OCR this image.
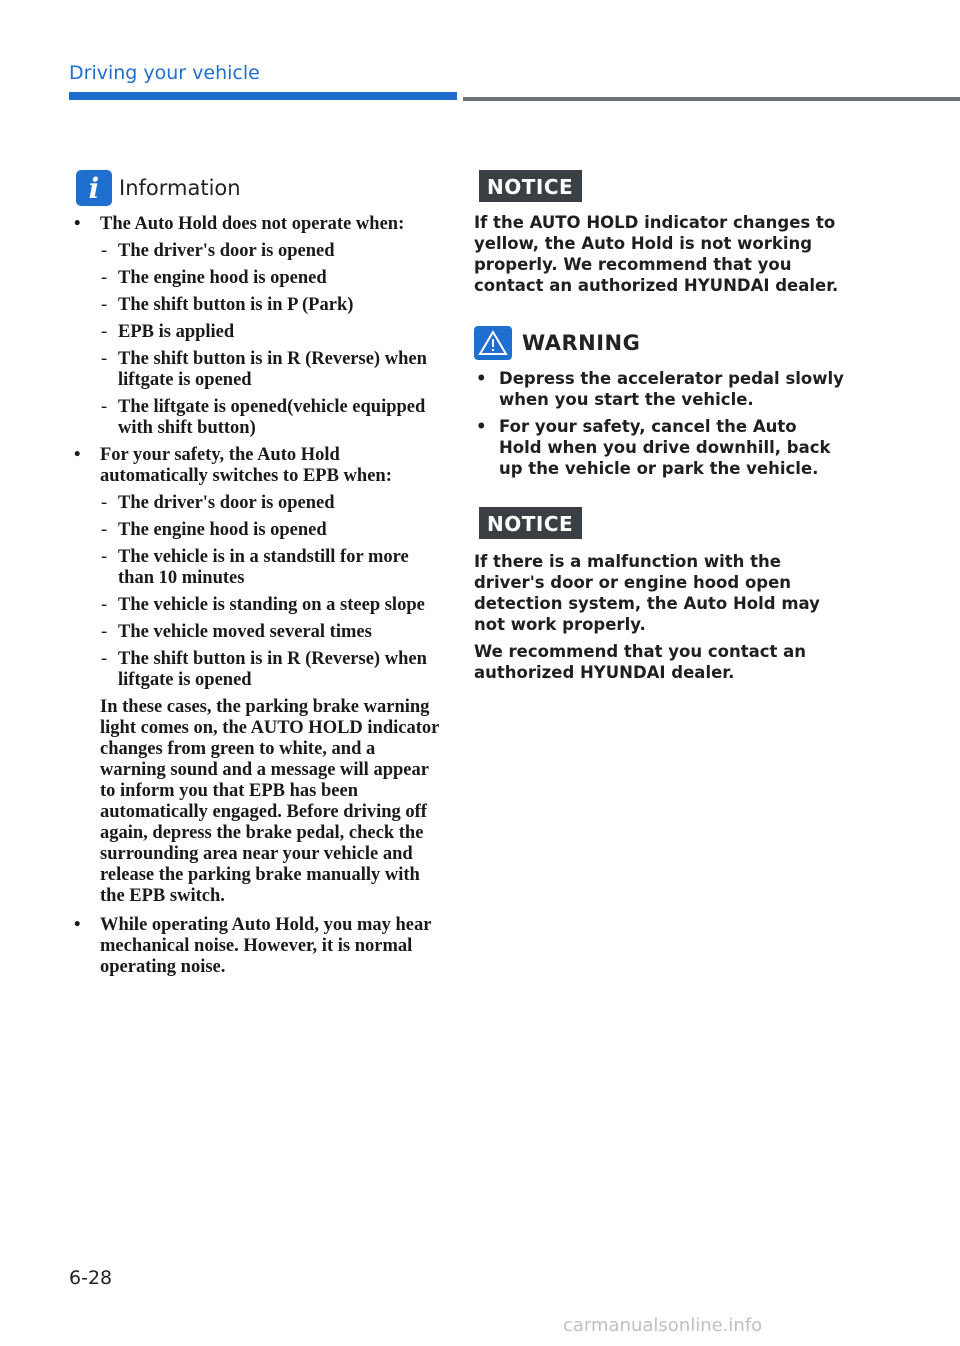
Driving your vehicle
i Information
• The Auto Hold does not operate when:
- The driver's door is opened
- The engine hood is opened
- The shift button is in P (Park)
- EPB is applied
- The shift button is in R (Reverse) when liftgate is opened
- The liftgate is opened(vehicle equipped with shift button)
• For your safety, the Auto Hold automatically switches to EPB when:
- The driver's door is opened
- The engine hood is opened
- The vehicle is in a standstill for more than 10 minutes
- The vehicle is standing on a steep slope
- The vehicle moved several times
- The shift button is in R (Reverse) when liftgate is opened
In these cases, the parking brake warning light comes on, the AUTO HOLD indicator changes from green to white, and a warning sound and a message will appear to inform you that EPB has been automatically engaged. Before driving off again, depress the brake pedal, check the surrounding area near your vehicle and release the parking brake manually with the EPB switch.
• While operating Auto Hold, you may hear mechanical noise. However, it is normal operating noise.
NOTICE

If the AUTO HOLD indicator changes to yellow, the Auto Hold is not working properly. We recommend that you contact an authorized HYUNDAI dealer.

WARNING
• Depress the accelerator pedal slowly when you start the vehicle.
• For your safety, cancel the Auto Hold when you drive downhill, back up the vehicle or park the vehicle.
NOTICE

If there is a malfunction with the driver's door or engine hood open detection system, the Auto Hold may not work properly.

We recommend that you contact an authorized HYUNDAI dealer.

6-28
carmanualsonline.info
